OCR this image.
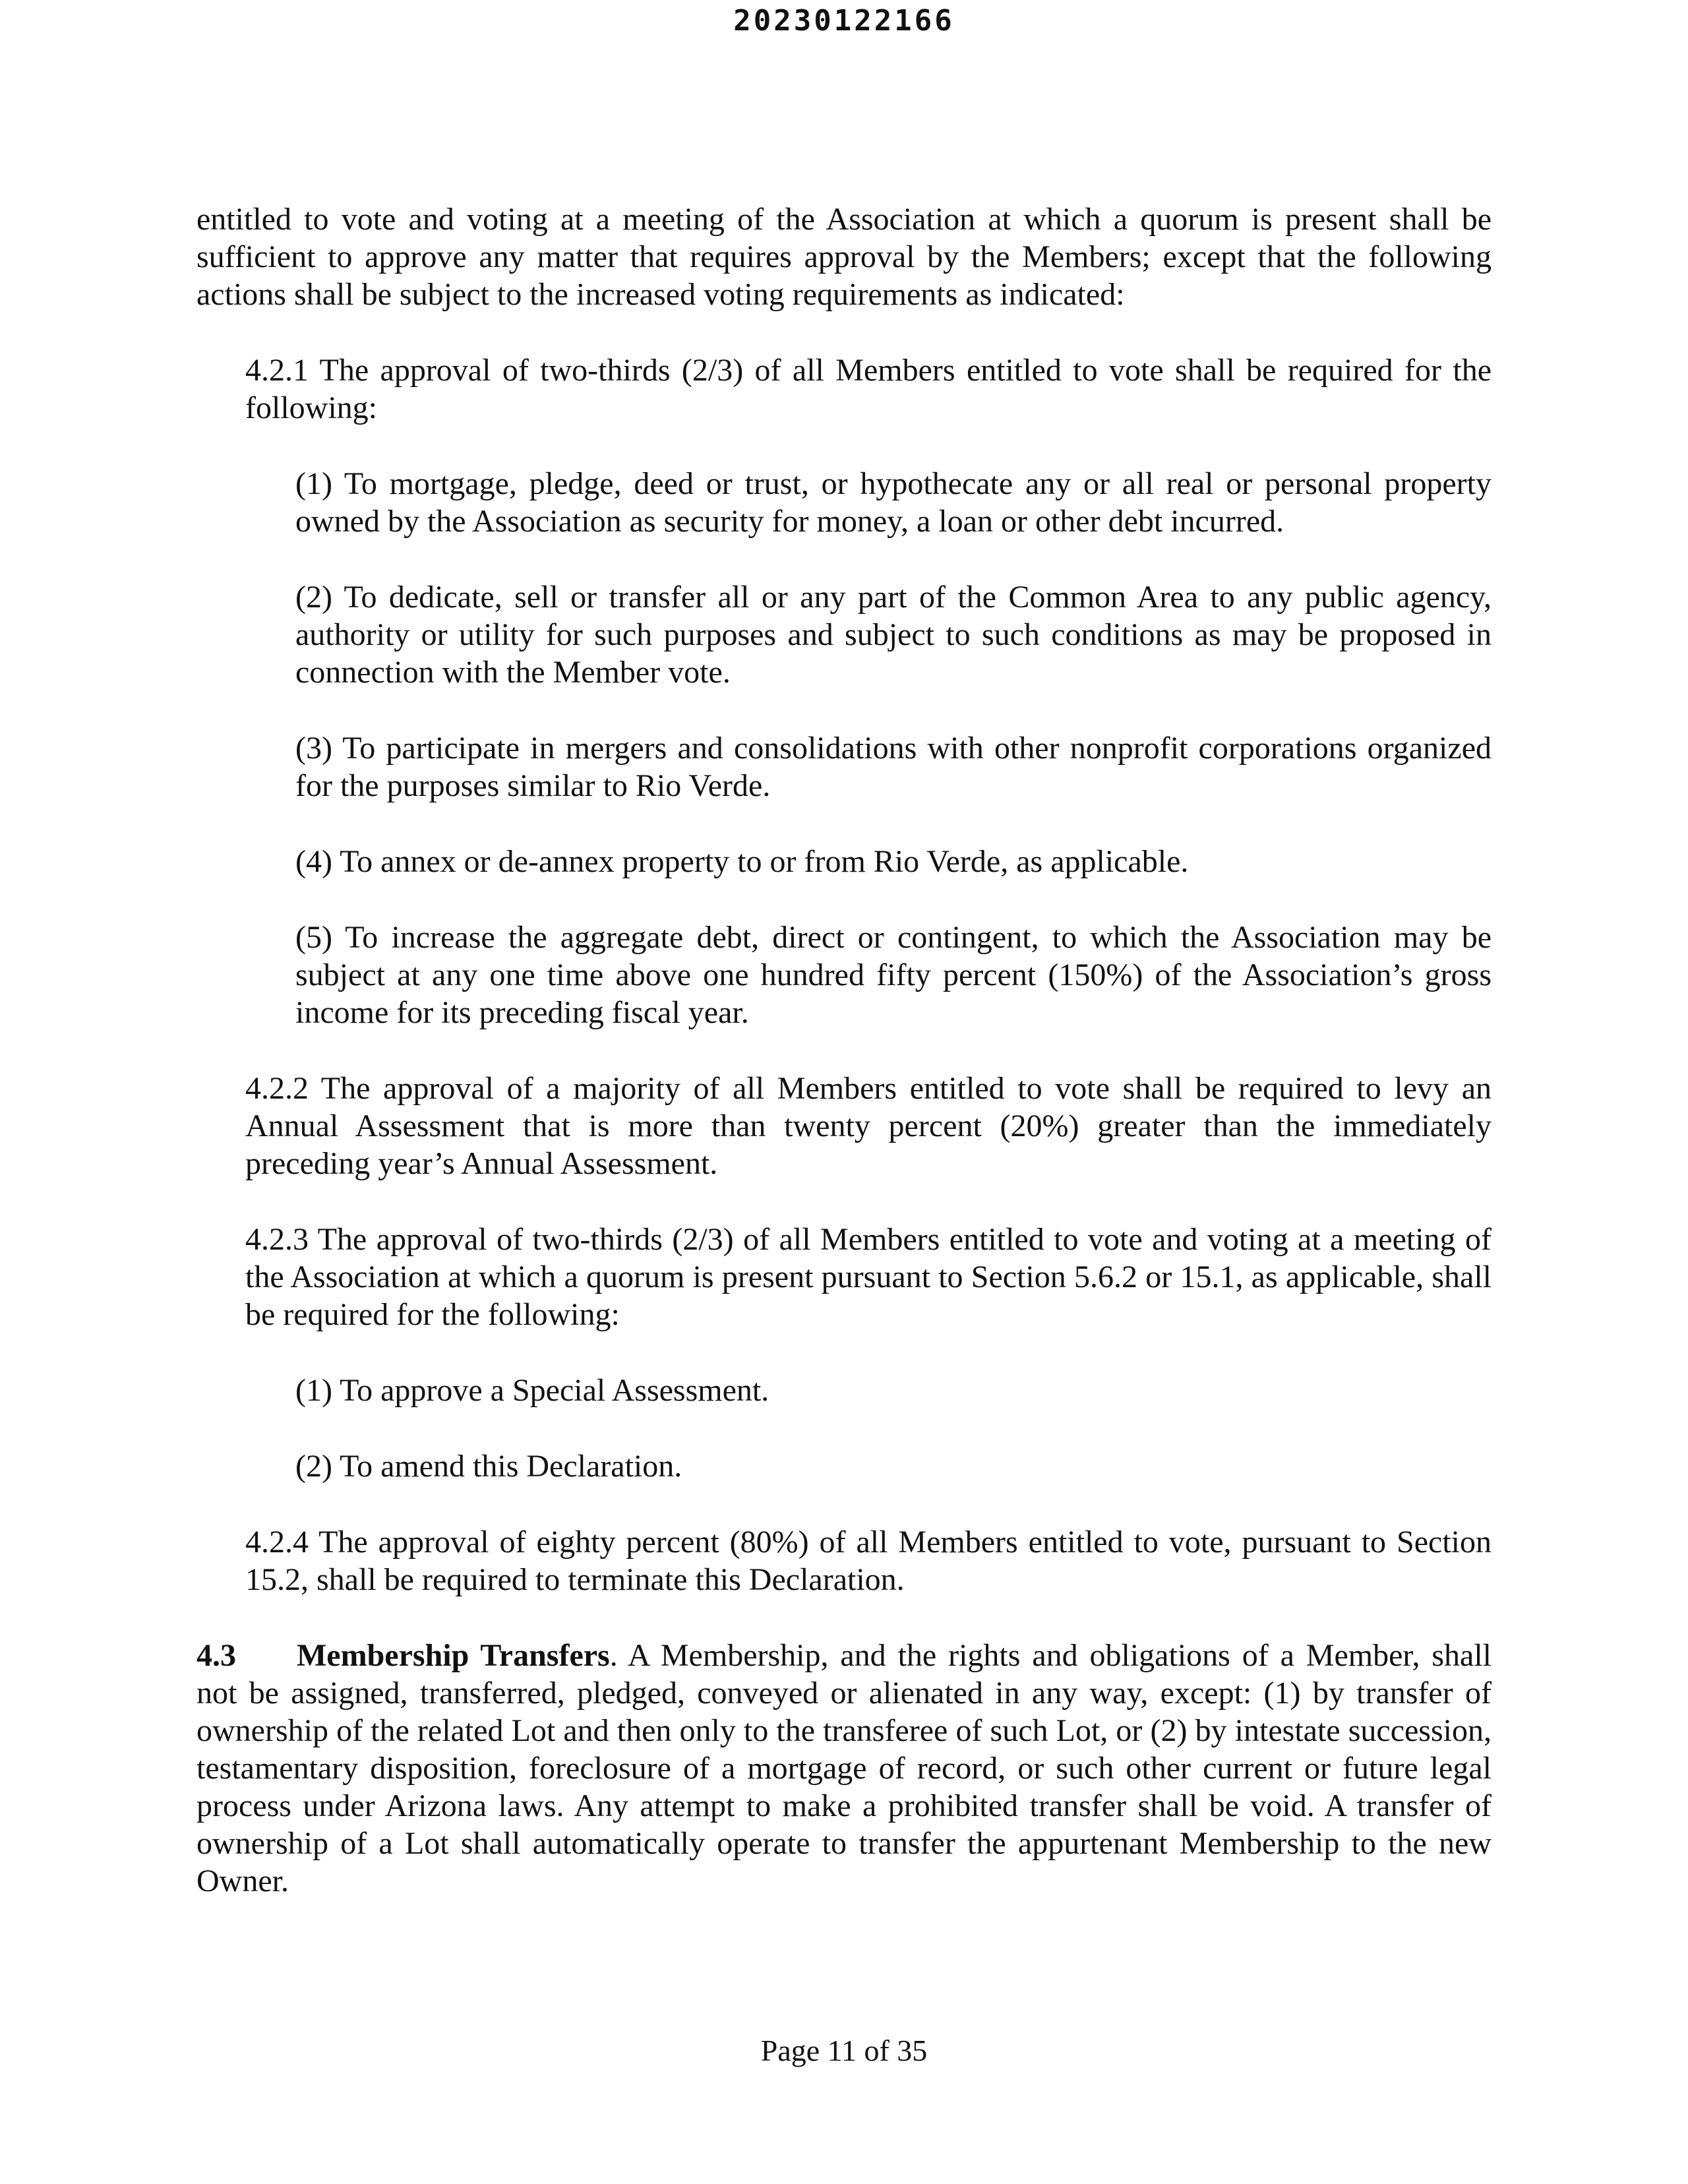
20230122166

entitled to vote and voting at a meeting of the Association at which a quorum is present shall be sufficient to approve any matter that requires approval by the Members; except that the following actions shall be subject to the increased voting requirements as indicated:

4.2.1 The approval of two-thirds (2/3) of all Members entitled to vote shall be required for the following:

(1) To mortgage, pledge, deed or trust, or hypothecate any or all real or personal property owned by the Association as security for money, a loan or other debt incurred.

(2) To dedicate, sell or transfer all or any part of the Common Area to any public agency, authority or utility for such purposes and subject to such conditions as may be proposed in connection with the Member vote.

(3) To participate in mergers and consolidations with other nonprofit corporations organized for the purposes similar to Rio Verde.

(4) To annex or de-annex property to or from Rio Verde, as applicable.

(5) To increase the aggregate debt, direct or contingent, to which the Association may be subject at any one time above one hundred fifty percent (150%) of the Association’s gross income for its preceding fiscal year.

4.2.2 The approval of a majority of all Members entitled to vote shall be required to levy an Annual Assessment that is more than twenty percent (20%) greater than the immediately preceding year’s Annual Assessment.

4.2.3 The approval of two-thirds (2/3) of all Members entitled to vote and voting at a meeting of the Association at which a quorum is present pursuant to Section 5.6.2 or 15.1, as applicable, shall be required for the following:

(1) To approve a Special Assessment.

(2) To amend this Declaration.

4.2.4 The approval of eighty percent (80%) of all Members entitled to vote, pursuant to Section 15.2, shall be required to terminate this Declaration.

4.3 Membership Transfers. A Membership, and the rights and obligations of a Member, shall not be assigned, transferred, pledged, conveyed or alienated in any way, except: (1) by transfer of ownership of the related Lot and then only to the transferee of such Lot, or (2) by intestate succession, testamentary disposition, foreclosure of a mortgage of record, or such other current or future legal process under Arizona laws. Any attempt to make a prohibited transfer shall be void. A transfer of ownership of a Lot shall automatically operate to transfer the appurtenant Membership to the new Owner.

Page 11 of 35
